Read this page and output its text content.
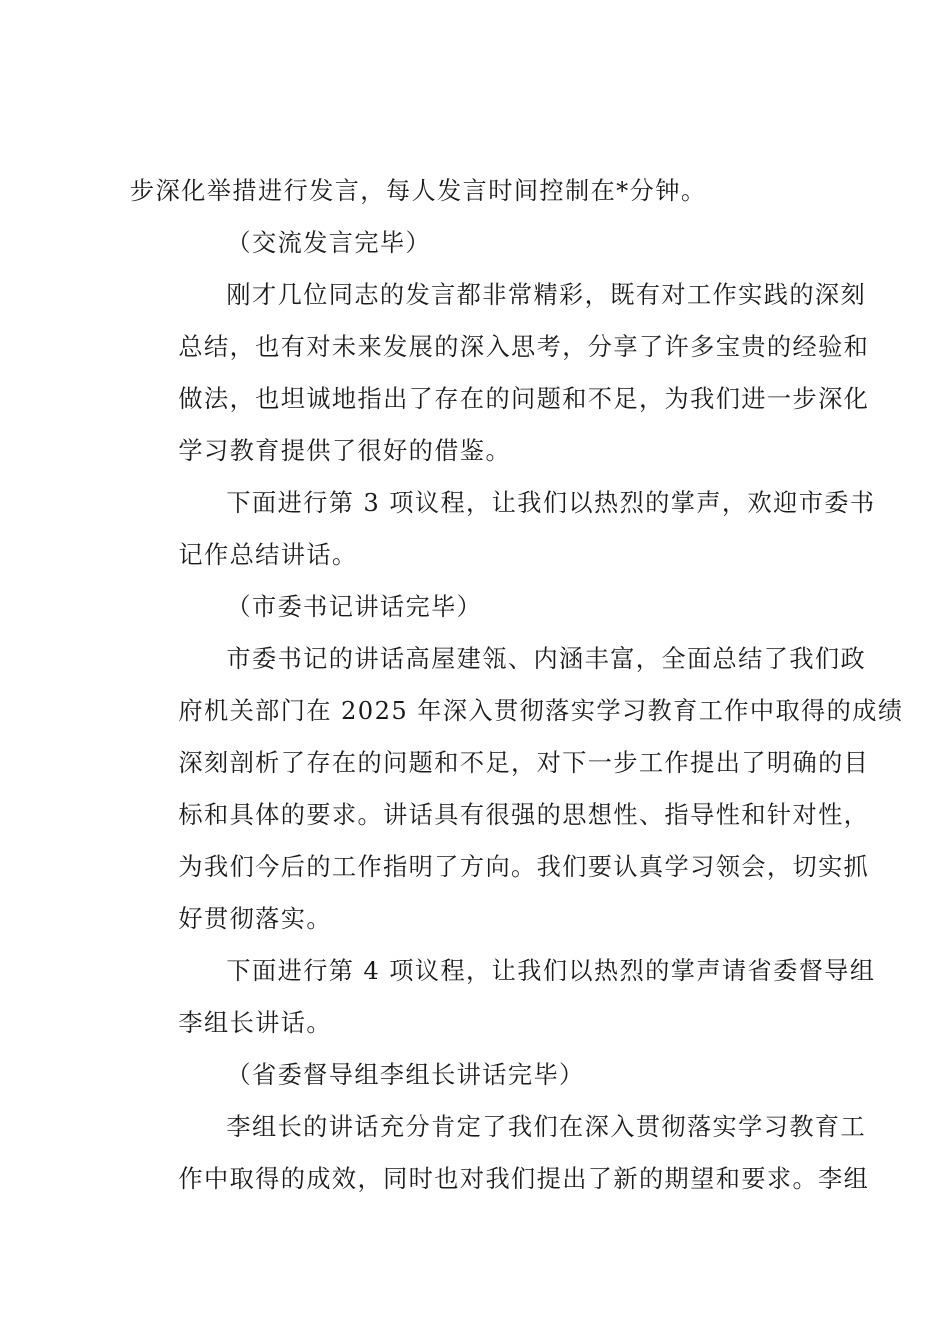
步深化举措进行发言，每人发言时间控制在*分钟。

（交流发言完毕）

刚才几位同志的发言都非常精彩，既有对工作实践的深刻
总结，也有对未来发展的深入思考，分享了许多宝贵的经验和
做法，也坦诚地指出了存在的问题和不足，为我们进一步深化
学习教育提供了很好的借鉴。

下面进行第 3 项议程，让我们以热烈的掌声，欢迎市委书
记作总结讲话。

（市委书记讲话完毕）

市委书记的讲话高屋建瓴、内涵丰富，全面总结了我们政
府机关部门在 2025 年深入贯彻落实学习教育工作中取得的成绩
深刻剖析了存在的问题和不足，对下一步工作提出了明确的目
标和具体的要求。讲话具有很强的思想性、指导性和针对性，
为我们今后的工作指明了方向。我们要认真学习领会，切实抓
好贯彻落实。

下面进行第 4 项议程，让我们以热烈的掌声请省委督导组
李组长讲话。

（省委督导组李组长讲话完毕）

李组长的讲话充分肯定了我们在深入贯彻落实学习教育工
作中取得的成效，同时也对我们提出了新的期望和要求。李组
